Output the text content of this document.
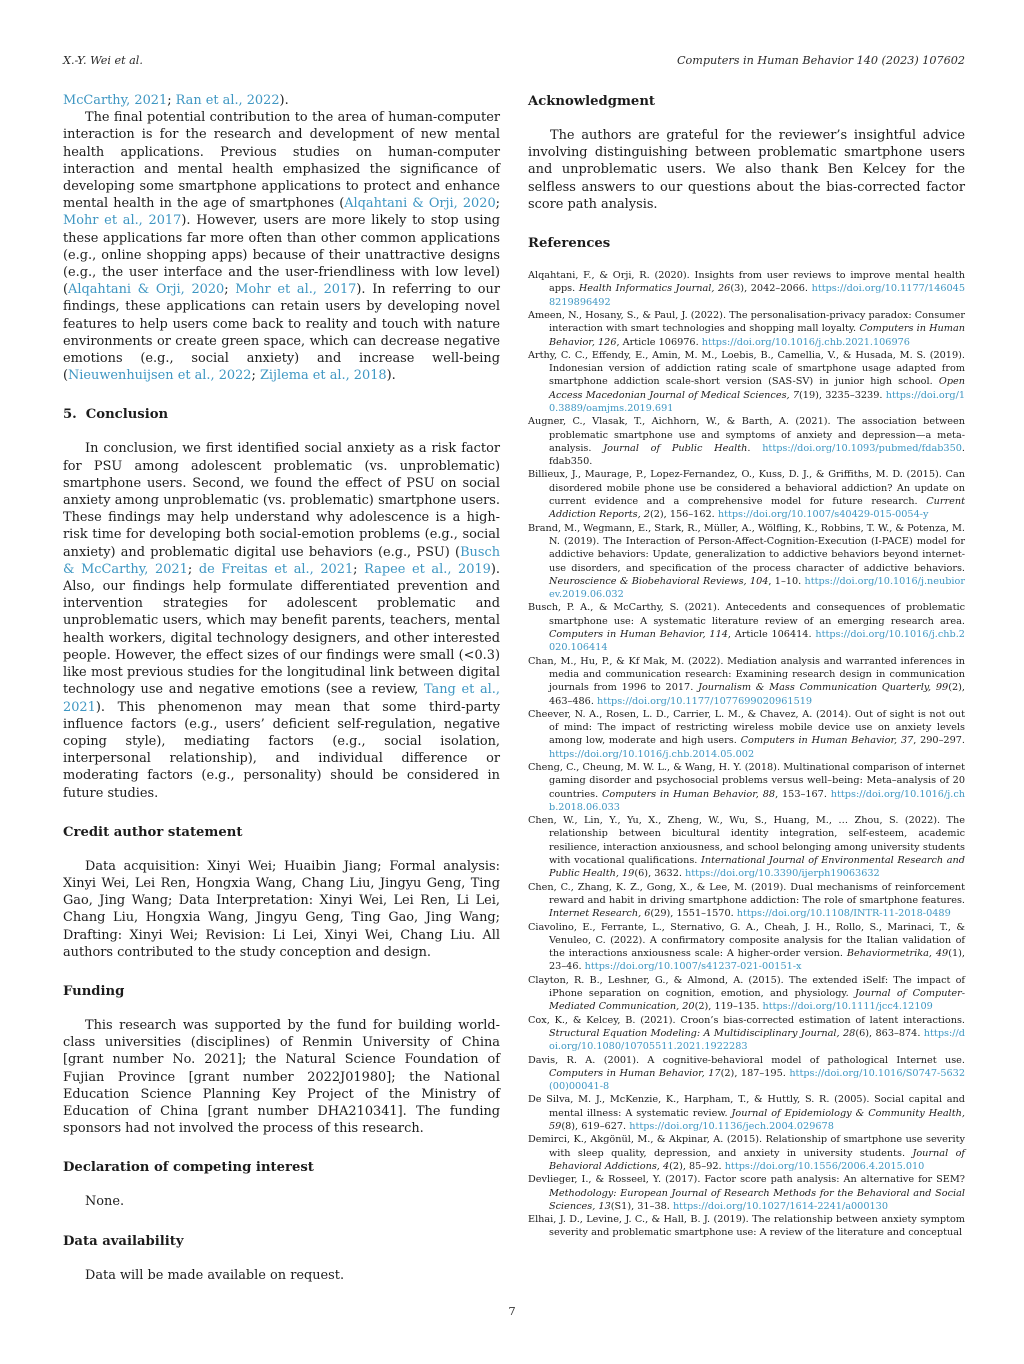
X.-Y. Wei et al.	Computers in Human Behavior 140 (2023) 107602

McCarthy, 2021; Ran et al., 2022).

The final potential contribution to the area of human-computer interaction is for the research and development of new mental health applications. Previous studies on human-computer interaction and mental health emphasized the significance of developing some smartphone applications to protect and enhance mental health in the age of smartphones (Alqahtani & Orji, 2020; Mohr et al., 2017). However, users are more likely to stop using these applications far more often than other common applications (e.g., online shopping apps) because of their unattractive designs (e.g., the user interface and the user-friendliness with low level) (Alqahtani & Orji, 2020; Mohr et al., 2017). In referring to our findings, these applications can retain users by developing novel features to help users come back to reality and touch with nature environments or create green space, which can decrease negative emotions (e.g., social anxiety) and increase well-being (Nieuwenhuijsen et al., 2022; Zijlema et al., 2018).

5. Conclusion

In conclusion, we first identified social anxiety as a risk factor for PSU among adolescent problematic (vs. unproblematic) smartphone users. Second, we found the effect of PSU on social anxiety among unproblematic (vs. problematic) smartphone users. These findings may help understand why adolescence is a high-risk time for developing both social-emotion problems (e.g., social anxiety) and problematic digital use behaviors (e.g., PSU) (Busch & McCarthy, 2021; de Freitas et al., 2021; Rapee et al., 2019). Also, our findings help formulate differentiated prevention and intervention strategies for adolescent problematic and unproblematic users, which may benefit parents, teachers, mental health workers, digital technology designers, and other interested people. However, the effect sizes of our findings were small (<0.3) like most previous studies for the longitudinal link between digital technology use and negative emotions (see a review, Tang et al., 2021). This phenomenon may mean that some third-party influence factors (e.g., users’ deficient self-regulation, negative coping style), mediating factors (e.g., social isolation, interpersonal relationship), and individual difference or moderating factors (e.g., personality) should be considered in future studies.

Credit author statement

Data acquisition: Xinyi Wei; Huaibin Jiang; Formal analysis: Xinyi Wei, Lei Ren, Hongxia Wang, Chang Liu, Jingyu Geng, Ting Gao, Jing Wang; Data Interpretation: Xinyi Wei, Lei Ren, Li Lei, Chang Liu, Hongxia Wang, Jingyu Geng, Ting Gao, Jing Wang; Drafting: Xinyi Wei; Revision: Li Lei, Xinyi Wei, Chang Liu. All authors contributed to the study conception and design.

Funding

This research was supported by the fund for building world-class universities (disciplines) of Renmin University of China [grant number No. 2021]; the Natural Science Foundation of Fujian Province [grant number 2022J01980]; the National Education Science Planning Key Project of the Ministry of Education of China [grant number DHA210341]. The funding sponsors had not involved the process of this research.

Declaration of competing interest

None.

Data availability

Data will be made available on request.

Acknowledgment

The authors are grateful for the reviewer’s insightful advice involving distinguishing between problematic smartphone users and unproblematic users. We also thank Ben Kelcey for the selfless answers to our questions about the bias-corrected factor score path analysis.

References

Alqahtani, F., & Orji, R. (2020). Insights from user reviews to improve mental health apps. Health Informatics Journal, 26(3), 2042–2066. https://doi.org/10.1177/1460458219896492

Ameen, N., Hosany, S., & Paul, J. (2022). The personalisation-privacy paradox: Consumer interaction with smart technologies and shopping mall loyalty. Computers in Human Behavior, 126, Article 106976. https://doi.org/10.1016/j.chb.2021.106976

Arthy, C. C., Effendy, E., Amin, M. M., Loebis, B., Camellia, V., & Husada, M. S. (2019). Indonesian version of addiction rating scale of smartphone usage adapted from smartphone addiction scale-short version (SAS-SV) in junior high school. Open Access Macedonian Journal of Medical Sciences, 7(19), 3235–3239. https://doi.org/10.3889/oamjms.2019.691

Augner, C., Vlasak, T., Aichhorn, W., & Barth, A. (2021). The association between problematic smartphone use and symptoms of anxiety and depression—a meta-analysis. Journal of Public Health. https://doi.org/10.1093/pubmed/fdab350. fdab350.

Billieux, J., Maurage, P., Lopez-Fernandez, O., Kuss, D. J., & Griffiths, M. D. (2015). Can disordered mobile phone use be considered a behavioral addiction? An update on current evidence and a comprehensive model for future research. Current Addiction Reports, 2(2), 156–162. https://doi.org/10.1007/s40429-015-0054-y

Brand, M., Wegmann, E., Stark, R., Müller, A., Wölfling, K., Robbins, T. W., & Potenza, M. N. (2019). The Interaction of Person-Affect-Cognition-Execution (I-PACE) model for addictive behaviors: Update, generalization to addictive behaviors beyond internet-use disorders, and specification of the process character of addictive behaviors. Neuroscience & Biobehavioral Reviews, 104, 1–10. https://doi.org/10.1016/j.neubiorev.2019.06.032

Busch, P. A., & McCarthy, S. (2021). Antecedents and consequences of problematic smartphone use: A systematic literature review of an emerging research area. Computers in Human Behavior, 114, Article 106414. https://doi.org/10.1016/j.chb.2020.106414

Chan, M., Hu, P., & Kf Mak, M. (2022). Mediation analysis and warranted inferences in media and communication research: Examining research design in communication journals from 1996 to 2017. Journalism & Mass Communication Quarterly, 99(2), 463–486. https://doi.org/10.1177/1077699020961519

Cheever, N. A., Rosen, L. D., Carrier, L. M., & Chavez, A. (2014). Out of sight is not out of mind: The impact of restricting wireless mobile device use on anxiety levels among low, moderate and high users. Computers in Human Behavior, 37, 290–297. https://doi.org/10.1016/j.chb.2014.05.002

Cheng, C., Cheung, M. W. L., & Wang, H. Y. (2018). Multinational comparison of internet gaming disorder and psychosocial problems versus well–being: Meta–analysis of 20 countries. Computers in Human Behavior, 88, 153–167. https://doi.org/10.1016/j.chb.2018.06.033

Chen, W., Lin, Y., Yu, X., Zheng, W., Wu, S., Huang, M., … Zhou, S. (2022). The relationship between bicultural identity integration, self-esteem, academic resilience, interaction anxiousness, and school belonging among university students with vocational qualifications. International Journal of Environmental Research and Public Health, 19(6), 3632. https://doi.org/10.3390/ijerph19063632

Chen, C., Zhang, K. Z., Gong, X., & Lee, M. (2019). Dual mechanisms of reinforcement reward and habit in driving smartphone addiction: The role of smartphone features. Internet Research, 6(29), 1551–1570. https://doi.org/10.1108/INTR-11-2018-0489

Ciavolino, E., Ferrante, L., Sternativo, G. A., Cheah, J. H., Rollo, S., Marinaci, T., & Venuleo, C. (2022). A confirmatory composite analysis for the Italian validation of the interactions anxiousness scale: A higher-order version. Behaviormetrika, 49(1), 23–46. https://doi.org/10.1007/s41237-021-00151-x

Clayton, R. B., Leshner, G., & Almond, A. (2015). The extended iSelf: The impact of iPhone separation on cognition, emotion, and physiology. Journal of Computer-Mediated Communication, 20(2), 119–135. https://doi.org/10.1111/jcc4.12109

Cox, K., & Kelcey, B. (2021). Croon’s bias-corrected estimation of latent interactions. Structural Equation Modeling: A Multidisciplinary Journal, 28(6), 863–874. https://doi.org/10.1080/10705511.2021.1922283

Davis, R. A. (2001). A cognitive-behavioral model of pathological Internet use. Computers in Human Behavior, 17(2), 187–195. https://doi.org/10.1016/S0747-5632(00)00041-8

De Silva, M. J., McKenzie, K., Harpham, T., & Huttly, S. R. (2005). Social capital and mental illness: A systematic review. Journal of Epidemiology & Community Health, 59(8), 619–627. https://doi.org/10.1136/jech.2004.029678

Demirci, K., Akgönül, M., & Akpinar, A. (2015). Relationship of smartphone use severity with sleep quality, depression, and anxiety in university students. Journal of Behavioral Addictions, 4(2), 85–92. https://doi.org/10.1556/2006.4.2015.010

Devlieger, I., & Rosseel, Y. (2017). Factor score path analysis: An alternative for SEM? Methodology: European Journal of Research Methods for the Behavioral and Social Sciences, 13(S1), 31–38. https://doi.org/10.1027/1614-2241/a000130

Elhai, J. D., Levine, J. C., & Hall, B. J. (2019). The relationship between anxiety symptom severity and problematic smartphone use: A review of the literature and conceptual

7
